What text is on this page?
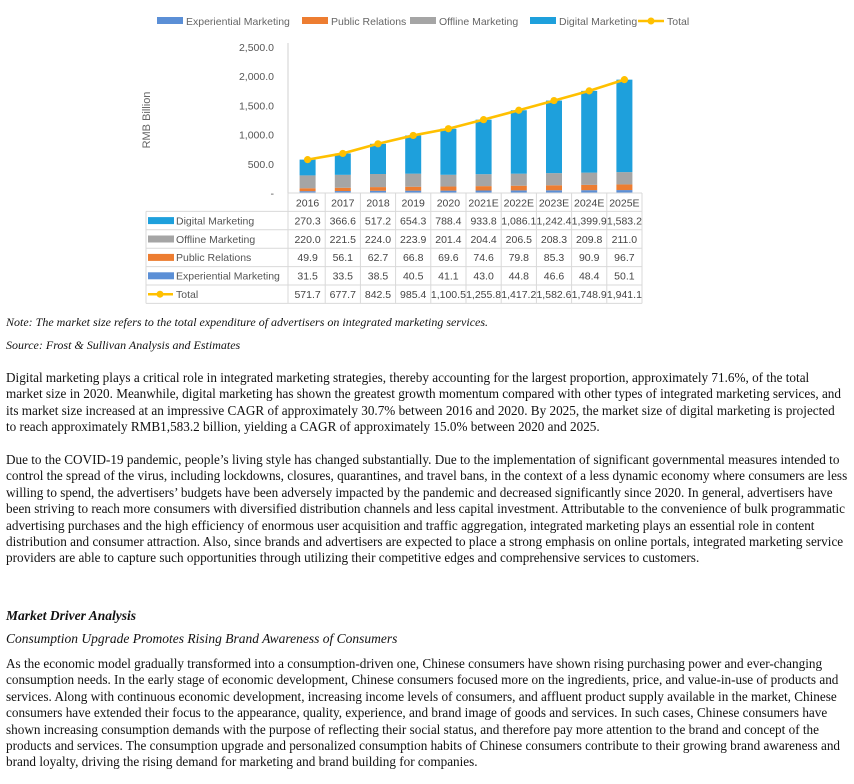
2,500.0
2,000.0
1,500.0
1,000.0
500.0
-
RMB Billion
Experiential Marketing	Public Relations	Offline Marketing	Digital Marketing	Total
2016 2017 2018 2019 2020 2021E 2022E 2023E 2024E 2025E
Digital Marketing	270.3 366.6 517.2 654.3 788.4 933.8 1,086.1 1,242.4 1,399.9 1,583.2
Offline Marketing	220.0 221.5 224.0 223.9 201.4 204.4 206.5 208.3 209.8 211.0
Public Relations	49.9 56.1 62.7 66.8 69.6 74.6 79.8 85.3 90.9 96.7
Experiential Marketing 31.5 33.5 38.5 40.5 41.1 43.0 44.8 46.6 48.4 50.1
Total	571.7 677.7 842.5 985.4 1,100.5 1,255.8 1,417.2 1,582.6 1,748.9 1,941.1
Note: The market size refers to the total expenditure of advertisers on integrated marketing services.
Source: Frost & Sullivan Analysis and Estimates

Digital marketing plays a critical role in integrated marketing strategies, thereby accounting for the largest proportion, approximately 71.6%, of the total market size in 2020. Meanwhile, digital marketing has shown the greatest growth momentum compared with other types of integrated marketing services, and its market size increased at an impressive CAGR of approximately 30.7% between 2016 and 2020. By 2025, the market size of digital marketing is projected to reach approximately RMB1,583.2 billion, yielding a CAGR of approximately 15.0% between 2020 and 2025.

Due to the COVID-19 pandemic, people’s living style has changed substantially. Due to the implementation of significant governmental measures intended to control the spread of the virus, including lockdowns, closures, quarantines, and travel bans, in the context of a less dynamic economy where consumers are less willing to spend, the advertisers’ budgets have been adversely impacted by the pandemic and decreased significantly since 2020. In general, advertisers have been striving to reach more consumers with diversified distribution channels and less capital investment. Attributable to the convenience of bulk programmatic advertising purchases and the high efficiency of enormous user acquisition and traffic aggregation, integrated marketing plays an essential role in content distribution and consumer attraction. Also, since brands and advertisers are expected to place a strong emphasis on online portals, integrated marketing service providers are able to capture such opportunities through utilizing their competitive edges and comprehensive services to customers.

Market Driver Analysis
Consumption Upgrade Promotes Rising Brand Awareness of Consumers

As the economic model gradually transformed into a consumption-driven one, Chinese consumers have shown rising purchasing power and ever-changing consumption needs. In the early stage of economic development, Chinese consumers focused more on the ingredients, price, and value-in-use of products and services. Along with continuous economic development, increasing income levels of consumers, and affluent product supply available in the market, Chinese consumers have extended their focus to the appearance, quality, experience, and brand image of goods and services. In such cases, Chinese consumers have shown increasing consumption demands with the purpose of reflecting their social status, and therefore pay more attention to the brand and concept of the products and services. The consumption upgrade and personalized consumption habits of Chinese consumers contribute to their growing brand awareness and brand loyalty, driving the rising demand for marketing and brand building for companies.
